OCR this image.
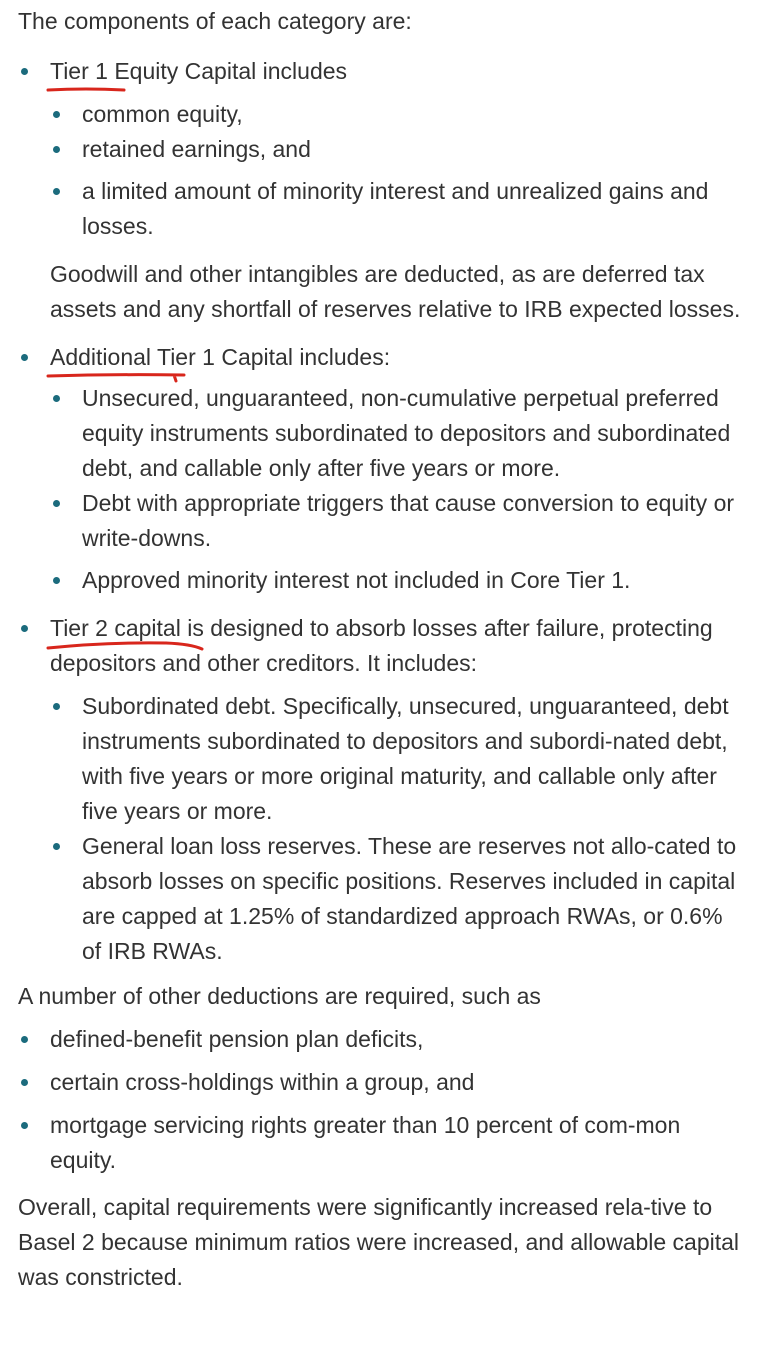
The components of each category are:

Tier 1
Equity Capital includes
common equity,
retained earnings, and
a limited amount of minority interest and unrealized gains and losses.

Goodwill and other intangibles are deducted, as are deferred tax assets and any shortfall of reserves relative to IRB expected losses.

Additional
Tier 1 Capital includes:
Unsecured, unguaranteed, non-cumulative perpetual preferred equity instruments subordinated to depositors and subordinated debt, and callable only after five years or more.
Debt with appropriate triggers that cause conversion to equity or write-downs.
Approved minority interest not included in Core Tier 1.
Tier 2 capital
is designed to absorb losses after failure, protecting depositors and other creditors. It includes:
Subordinated debt. Specifically, unsecured, unguaranteed, debt instruments subordinated to depositors and subordi-nated debt, with five years or more original maturity, and callable only after five years or more.
General loan loss reserves. These are reserves not allo-cated to absorb losses on specific positions. Reserves included in capital are capped at 1.25% of standardized approach RWAs, or 0.6% of IRB RWAs.

A number of other deductions are required, such as

defined-benefit pension plan deficits,
certain cross-holdings within a group, and
mortgage servicing rights greater than 10 percent of com-mon equity.

Overall, capital requirements were significantly increased rela-tive to Basel 2 because minimum ratios were increased, and allowable capital was constricted.
